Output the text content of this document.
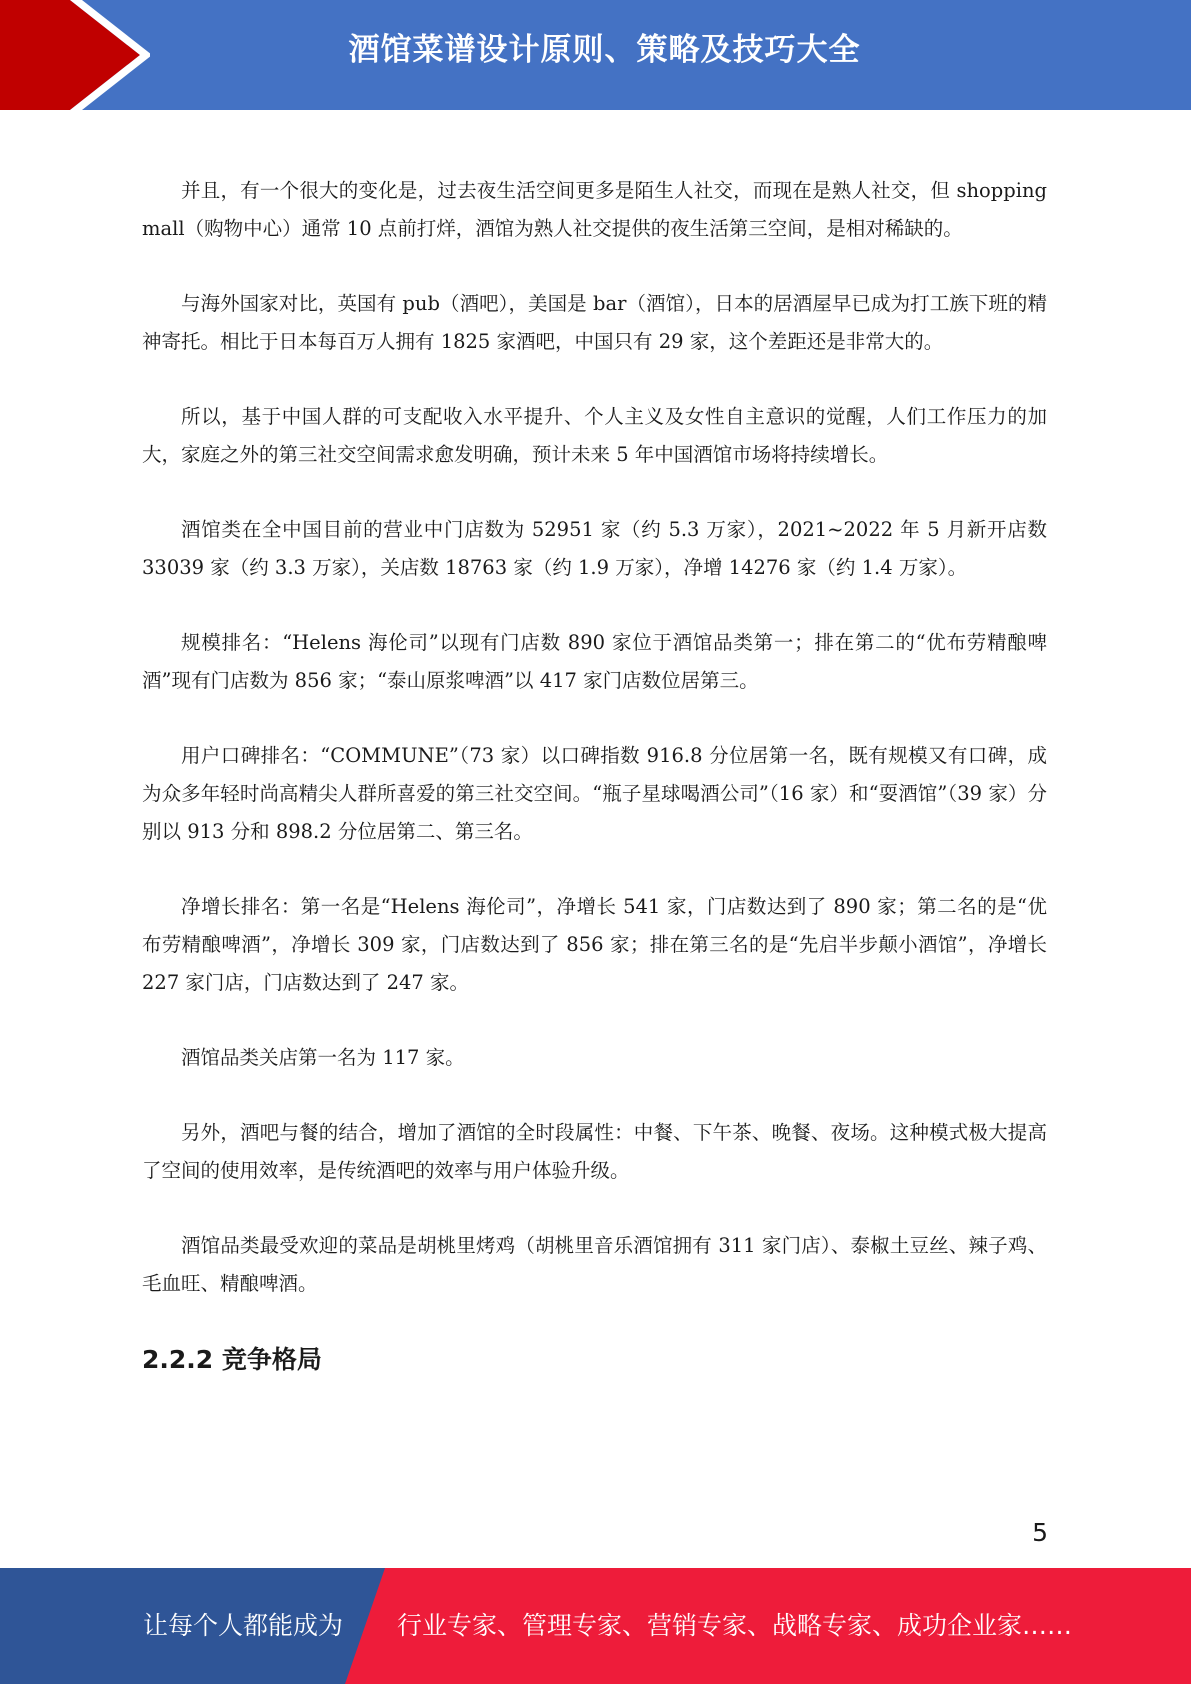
酒馆菜谱设计原则、策略及技巧大全

并且，有一个很大的变化是，过去夜生活空间更多是陌生人社交，而现在是熟人社交，但 shopping mall（购物中心）通常 10 点前打烊，酒馆为熟人社交提供的夜生活第三空间，是相对稀缺的。

与海外国家对比，英国有 pub（酒吧），美国是 bar（酒馆），日本的居酒屋早已成为打工族下班的精神寄托。相比于日本每百万人拥有 1825 家酒吧，中国只有 29 家，这个差距还是非常大的。

所以，基于中国人群的可支配收入水平提升、个人主义及女性自主意识的觉醒，人们工作压力的加大，家庭之外的第三社交空间需求愈发明确，预计未来 5 年中国酒馆市场将持续增长。

酒馆类在全中国目前的营业中门店数为 52951 家（约 5.3 万家），2021~2022 年 5 月新开店数 33039 家（约 3.3 万家），关店数 18763 家（约 1.9 万家），净增 14276 家（约 1.4 万家）。

规模排名：“Helens 海伦司”以现有门店数 890 家位于酒馆品类第一；排在第二的“优布劳精酿啤酒”现有门店数为 856 家；“泰山原浆啤酒”以 417 家门店数位居第三。

用户口碑排名：“COMMUNE”（73 家）以口碑指数 916.8 分位居第一名，既有规模又有口碑，成为众多年轻时尚高精尖人群所喜爱的第三社交空间。“瓶子星球喝酒公司”（16 家）和“耍酒馆”（39 家）分别以 913 分和 898.2 分位居第二、第三名。

净增长排名：第一名是“Helens 海伦司”，净增长 541 家，门店数达到了 890 家；第二名的是“优布劳精酿啤酒”，净增长 309 家，门店数达到了 856 家；排在第三名的是“先启半步颠小酒馆”，净增长 227 家门店，门店数达到了 247 家。

酒馆品类关店第一名为 117 家。

另外，酒吧与餐的结合，增加了酒馆的全时段属性：中餐、下午茶、晚餐、夜场。这种模式极大提高了空间的使用效率，是传统酒吧的效率与用户体验升级。

酒馆品类最受欢迎的菜品是胡桃里烤鸡（胡桃里音乐酒馆拥有 311 家门店）、泰椒土豆丝、辣子鸡、毛血旺、精酿啤酒。

2.2.2 竞争格局
5
让每个人都能成为 行业专家、管理专家、营销专家、战略专家、成功企业家……
